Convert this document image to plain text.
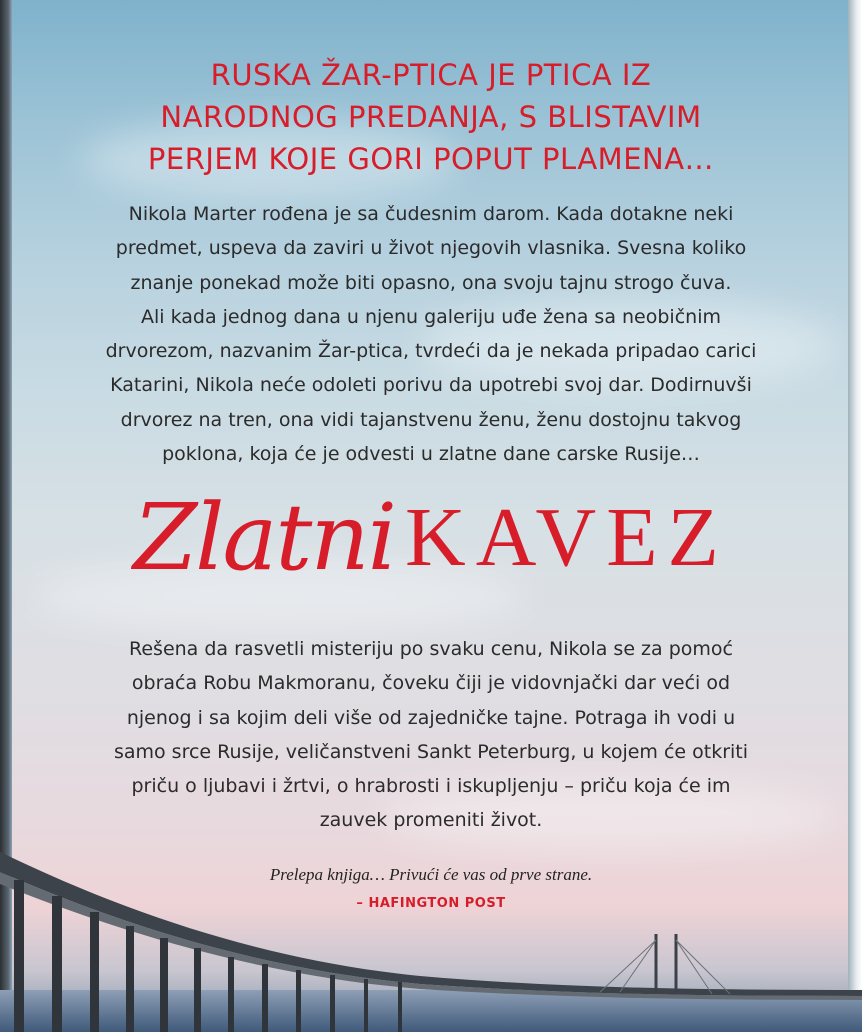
RUSKA ŽAR-PTICA JE PTICA IZ
NARODNOG PREDANJA, S BLISTAVIM
PERJEM KOJE GORI POPUT PLAMENA…
Nikola Marter rođena je sa čudesnim darom. Kada dotakne neki
predmet, uspeva da zaviri u život njegovih vlasnika. Svesna koliko
znanje ponekad može biti opasno, ona svoju tajnu strogo čuva.
Ali kada jednog dana u njenu galeriju uđe žena sa neobičnim
drvorezom, nazvanim Žar-ptica, tvrdeći da je nekada pripadao carici
Katarini, Nikola neće odoleti porivu da upotrebi svoj dar. Dodirnuvši
drvorez na tren, ona vidi tajanstvenu ženu, ženu dostojnu takvog
poklona, koja će je odvesti u zlatne dane carske Rusije…
Zlatni KAVEZ
Rešena da rasvetli misteriju po svaku cenu, Nikola se za pomoć
obraća Robu Makmoranu, čoveku čiji je vidovnjački dar veći od
njenog i sa kojim deli više od zajedničke tajne. Potraga ih vodi u
samo srce Rusije, veličanstveni Sankt Peterburg, u kojem će otkriti
priču o ljubavi i žrtvi, o hrabrosti i iskupljenju – priču koja će im
zauvek promeniti život.
Prelepa knjiga… Privući će vas od prve strane.
– HAFINGTON POST
